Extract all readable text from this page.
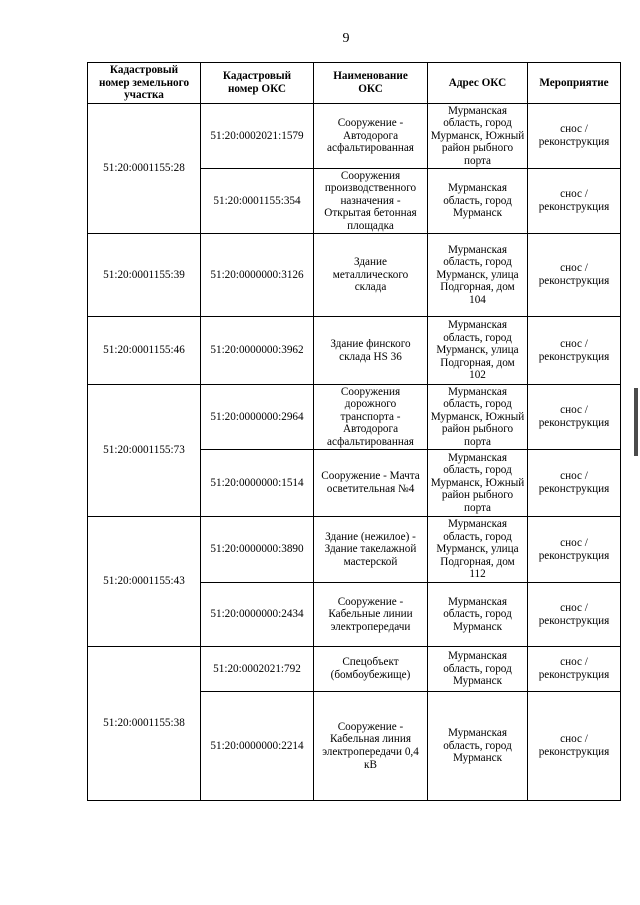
9
Кадастровый
номер земельного
участка	Кадастровый
номер ОКС	Наименование
ОКС	Адрес ОКС	Мероприятие
51:20:0001155:28	51:20:0002021:1579	Сооружение -
Автодорога
асфальтированная	Мурманская
область, город
Мурманск, Южный
район рыбного
порта	снос /
реконструкция
	51:20:0001155:354	Сооружения
производственного
назначения -
Открытая бетонная
площадка	Мурманская
область, город
Мурманск	снос /
реконструкция
51:20:0001155:39	51:20:0000000:3126	Здание
металлического
склада	Мурманская
область, город
Мурманск, улица
Подгорная, дом
104	снос /
реконструкция
51:20:0001155:46	51:20:0000000:3962	Здание финского
склада HS 36	Мурманская
область, город
Мурманск, улица
Подгорная, дом
102	снос /
реконструкция
51:20:0001155:73	51:20:0000000:2964	Сооружения
дорожного
транспорта -
Автодорога
асфальтированная	Мурманская
область, город
Мурманск, Южный
район рыбного
порта	снос /
реконструкция
	51:20:0000000:1514	Сооружение - Мачта
осветительная №4	Мурманская
область, город
Мурманск, Южный
район рыбного
порта	снос /
реконструкция
51:20:0001155:43	51:20:0000000:3890	Здание (нежилое) -
Здание такелажной
мастерской	Мурманская
область, город
Мурманск, улица
Подгорная, дом
112	снос /
реконструкция
	51:20:0000000:2434	Сооружение -
Кабельные линии
электропередачи	Мурманская
область, город
Мурманск	снос /
реконструкция
51:20:0001155:38	51:20:0002021:792	Спецобъект
(бомбоубежище)	Мурманская
область, город
Мурманск	снос /
реконструкция
	51:20:0000000:2214	Сооружение -
Кабельная линия
электропередачи 0,4
кВ	Мурманская
область, город
Мурманск	снос /
реконструкция
